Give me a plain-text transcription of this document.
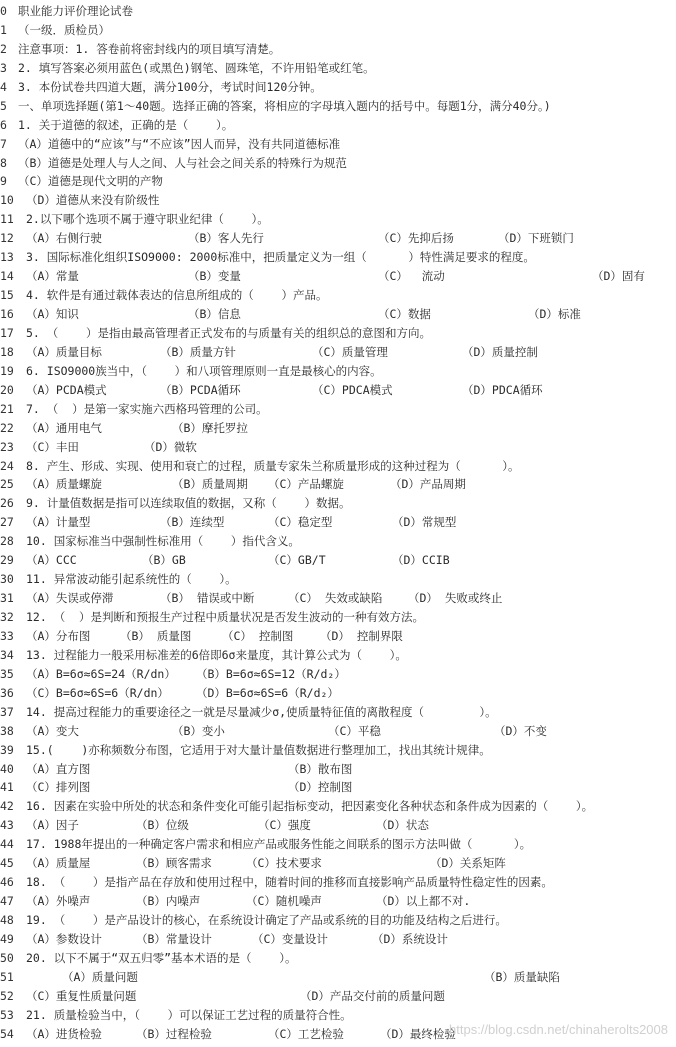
0 职业能力评价理论试卷
1 （一级．质检员）
2 注意事项：1. 答卷前将密封线内的项目填写清楚。
3 2. 填写答案必须用蓝色(或黑色)钢笔、圆珠笔，不许用铅笔或红笔。
4 3. 本份试卷共四道大题，满分100分，考试时间120分钟。
5 一、单项选择题(第1～40题。选择正确的答案，将相应的字母填入题内的括号中。每题1分，满分40分。)
6 1. 关于道德的叙述，正确的是（    ）。
7 （A）道德中的“应该”与“不应该”因人而异，没有共同道德标准
8 （B）道德是处理人与人之间、人与社会之间关系的特殊行为规范
9 （C）道德是现代文明的产物
10 （D）道德从来没有阶级性
11 2.以下哪个选项不属于遵守职业纪律（    ）。
12 （A）右侧行驶	（B）客人先行	（C）先抑后扬	（D）下班锁门
13 3. 国际标准化组织ISO9000: 2000标准中，把质量定义为一组（      ）特性满足要求的程度。
14 （A）常量	（B）变量	（C）  流动	（D）固有
15 4. 软件是有通过载体表达的信息所组成的（    ）产品。
16 （A）知识	（B）信息	（C）数据	（D）标准
17 5. （    ）是指由最高管理者正式发布的与质量有关的组织总的意图和方向。
18 （A）质量目标	（B）质量方针	（C）质量管理	（D）质量控制
19 6. ISO9000族当中，（    ）和八项管理原则一直是最核心的内容。
20 （A）PCDA模式	（B）PCDA循环	（C）PDCA模式	（D）PDCA循环
21 7. （  ）是第一家实施六西格玛管理的公司。
22 （A）通用电气	（B）摩托罗拉
23 （C）丰田	（D）微软
24 8. 产生、形成、实现、使用和衰亡的过程，质量专家朱兰称质量形成的这种过程为（      ）。
25 （A）质量螺旋	（B）质量周期 （C）产品螺旋	（D）产品周期
26 9. 计量值数据是指可以连续取值的数据，又称（    ）数据。
27 （A）计量型	（B）连续型	（C）稳定型	（D）常规型
28 10. 国家标准当中强制性标准用（    ）指代含义。
29 （A）CCC	（B）GB	（C）GB/T	（D）CCIB
30 11. 异常波动能引起系统性的（    ）。
31 （A）失误或停滞	（B） 错误或中断	（C） 失效或缺陷 （D） 失败或终止
32 12. （  ）是判断和预报生产过程中质量状况是否发生波动的一种有效方法。
33 （A）分布图	（B） 质量图	（C） 控制图 （D） 控制界限
34 13. 过程能力一般采用标准差的6倍即6σ来量度，其计算公式为（    ）。
35 （A）B=6σ≈6S=24（R/dn） （B）B=6σ≈6S=12（R/d₂）
36 （C）B=6σ≈6S=6（R/dn） （D）B=6σ≈6S=6（R/d₂）
37 14. 提高过程能力的重要途径之一就是尽量减少σ,使质量特征值的离散程度（        ）。
38 （A）变大	（B）变小	（C）平稳	（D）不变
39 15.(    )亦称频数分布图，它适用于对大量计量值数据进行整理加工，找出其统计规律。
40 （A）直方图	（B）散布图
41 （C）排列图	（D）控制图
42 16. 因素在实验中所处的状态和条件变化可能引起指标变动，把因素变化各种状态和条件成为因素的（    ）。
43 （A）因子	（B）位级	（C）强度	（D）状态
44 17. 1988年提出的一种确定客户需求和相应产品或服务性能之间联系的图示方法叫做（      ）。
45 （A）质量屋	（B）顾客需求	（C）技术要求	（D）关系矩阵
46 18. （    ）是指产品在存放和使用过程中，随着时间的推移而直接影响产品质量特性稳定性的因素。
47 （A）外噪声	（B）内噪声	（C）随机噪声	（D）以上都不对.
48 19. （    ）是产品设计的核心，在系统设计确定了产品或系统的目的功能及结构之后进行。
49 （A）参数设计	（B）常量设计	（C）变量设计	（D）系统设计
50 20. 以下不属于“双五归零”基本术语的是（    ）。
51	（A）质量问题	（B）质量缺陷
52 （C）重复性质量问题	（D）产品交付前的质量问题
53 21. 质量检验当中，（    ）可以保证工艺过程的质量符合性。
54 （A）进货检验	（B）过程检验	（C）工艺检验	（D）最终检验
https://blog.csdn.net/chinaherolts2008
